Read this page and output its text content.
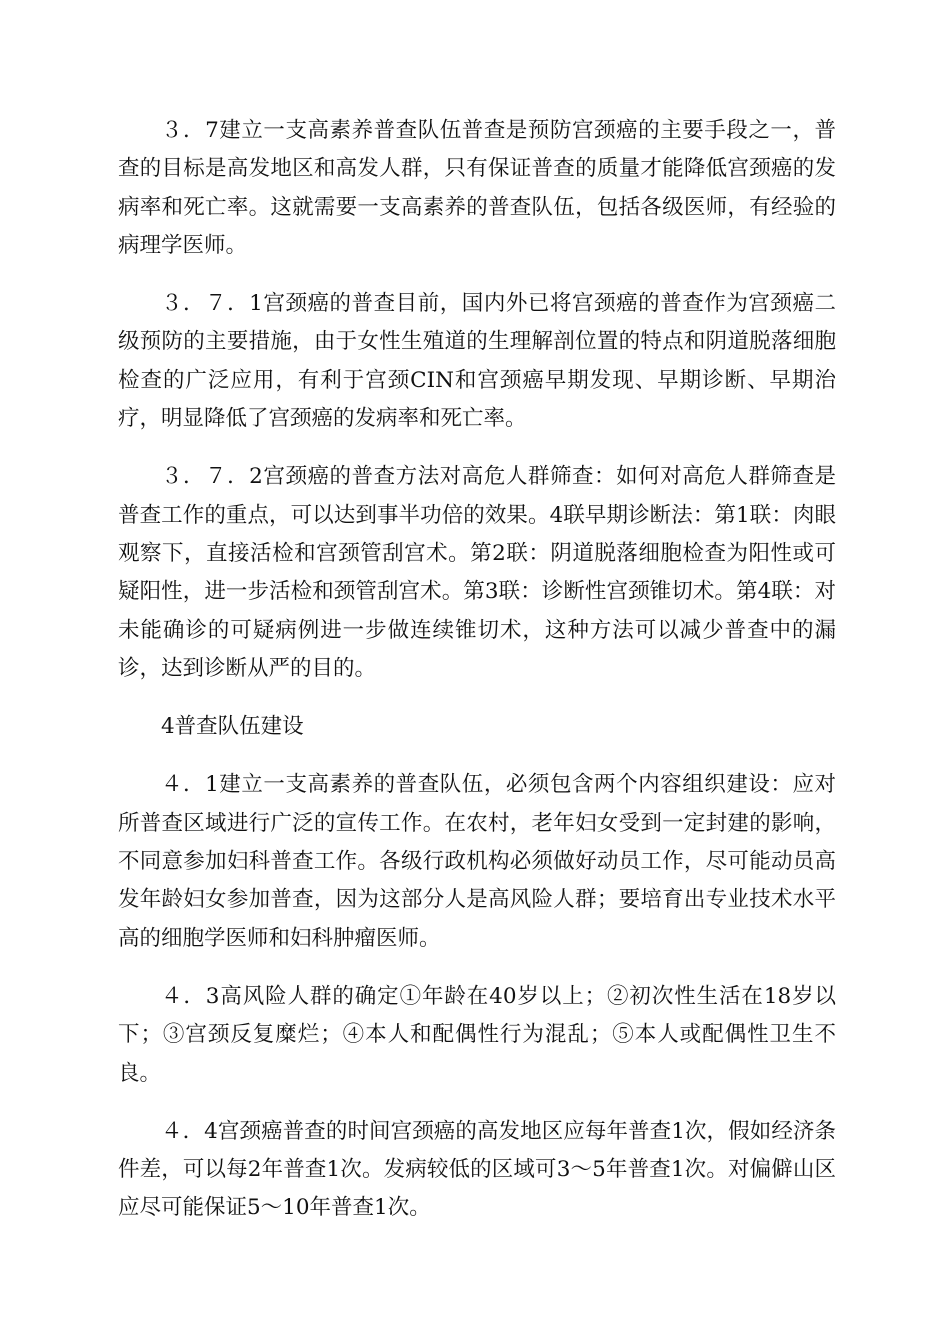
３．7建立一支高素养普查队伍普查是预防宫颈癌的主要手段之一，普查的目标是高发地区和高发人群，只有保证普查的质量才能降低宫颈癌的发病率和死亡率。这就需要一支高素养的普查队伍，包括各级医师，有经验的病理学医师。

３．７．1宫颈癌的普查目前，国内外已将宫颈癌的普查作为宫颈癌二级预防的主要措施，由于女性生殖道的生理解剖位置的特点和阴道脱落细胞检查的广泛应用，有利于宫颈CIN和宫颈癌早期发现、早期诊断、早期治疗，明显降低了宫颈癌的发病率和死亡率。

３．７．2宫颈癌的普查方法对高危人群筛查：如何对高危人群筛查是普查工作的重点，可以达到事半功倍的效果。4联早期诊断法：第1联：肉眼观察下，直接活检和宫颈管刮宫术。第2联：阴道脱落细胞检查为阳性或可疑阳性，进一步活检和颈管刮宫术。第3联：诊断性宫颈锥切术。第4联：对未能确诊的可疑病例进一步做连续锥切术，这种方法可以减少普查中的漏诊，达到诊断从严的目的。

4普查队伍建设

４．1建立一支高素养的普查队伍，必须包含两个内容组织建设：应对所普查区域进行广泛的宣传工作。在农村，老年妇女受到一定封建的影响，不同意参加妇科普查工作。各级行政机构必须做好动员工作，尽可能动员高发年龄妇女参加普查，因为这部分人是高风险人群；要培育出专业技术水平高的细胞学医师和妇科肿瘤医师。

４．3高风险人群的确定①年龄在40岁以上；②初次性生活在18岁以下；③宫颈反复糜烂；④本人和配偶性行为混乱；⑤本人或配偶性卫生不良。

４．4宫颈癌普查的时间宫颈癌的高发地区应每年普查1次，假如经济条件差，可以每2年普查1次。发病较低的区域可3～5年普查1次。对偏僻山区应尽可能保证5～10年普查1次。
